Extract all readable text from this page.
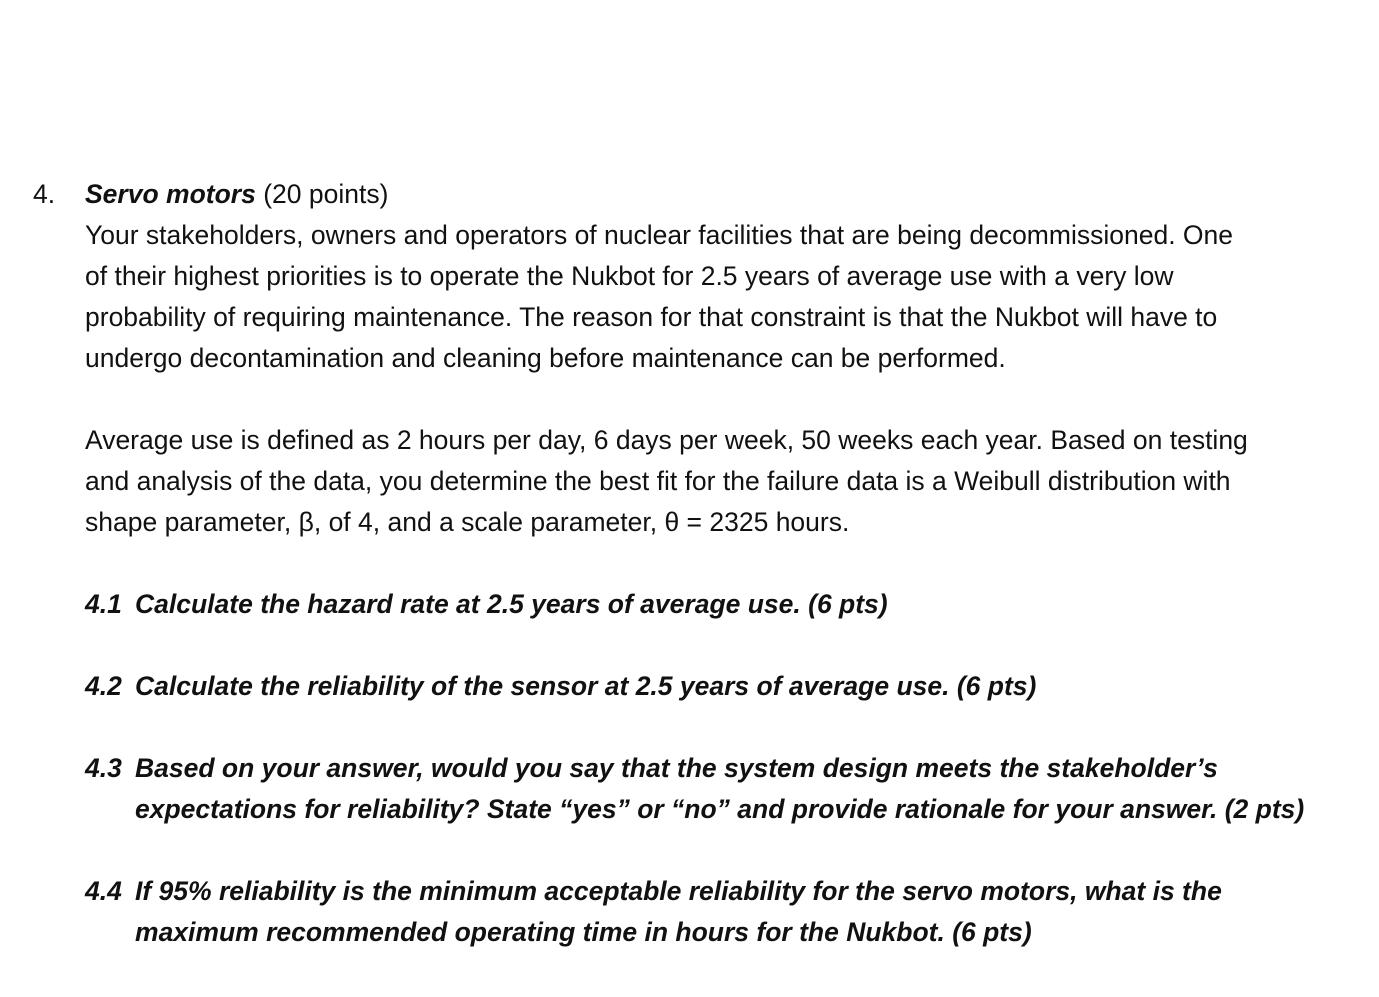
4. Servo motors (20 points)
Your stakeholders, owners and operators of nuclear facilities that are being decommissioned. One
of their highest priorities is to operate the Nukbot for 2.5 years of average use with a very low
probability of requiring maintenance. The reason for that constraint is that the Nukbot will have to
undergo decontamination and cleaning before maintenance can be performed.
Average use is defined as 2 hours per day, 6 days per week, 50 weeks each year. Based on testing
and analysis of the data, you determine the best fit for the failure data is a Weibull distribution with
shape parameter, β, of 4, and a scale parameter, θ = 2325 hours.
4.1 Calculate the hazard rate at 2.5 years of average use. (6 pts)
4.2 Calculate the reliability of the sensor at 2.5 years of average use. (6 pts)
4.3 Based on your answer, would you say that the system design meets the stakeholder’s
expectations for reliability? State “yes” or “no” and provide rationale for your answer. (2 pts)
4.4 If 95% reliability is the minimum acceptable reliability for the servo motors, what is the
maximum recommended operating time in hours for the Nukbot. (6 pts)
